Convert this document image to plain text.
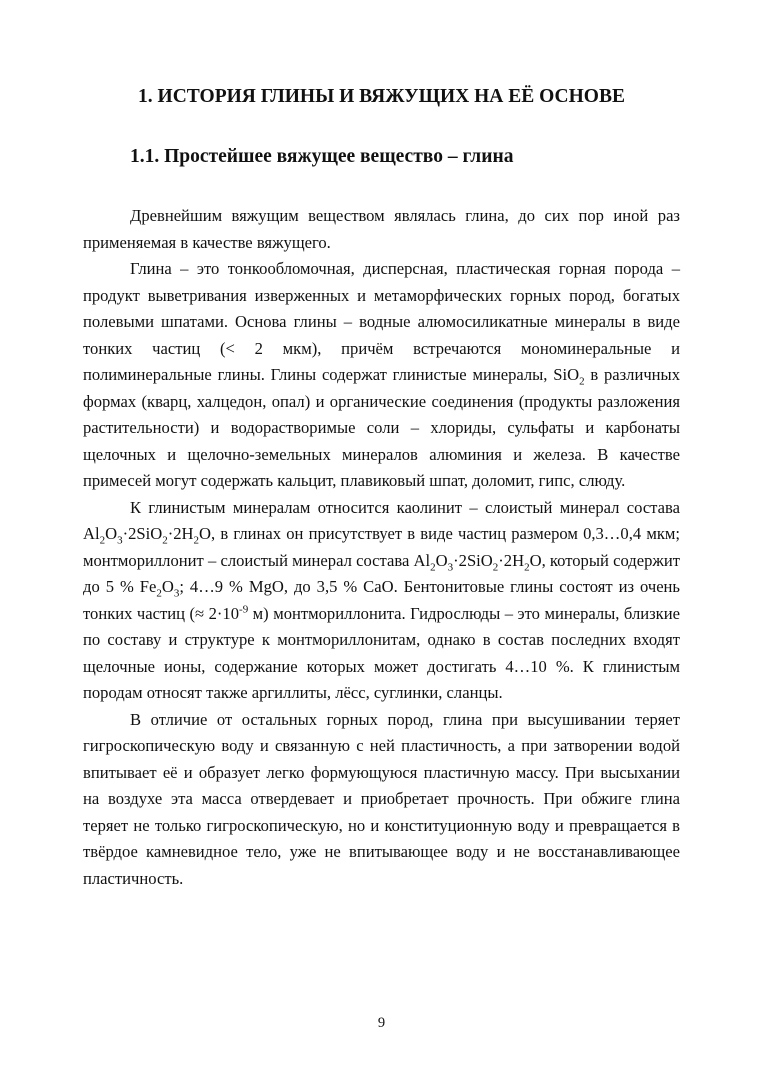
1. ИСТОРИЯ ГЛИНЫ И ВЯЖУЩИХ НА ЕЁ ОСНОВЕ
1.1. Простейшее вяжущее вещество – глина

Древнейшим вяжущим веществом являлась глина, до сих пор иной раз применяемая в качестве вяжущего.

Глина – это тонкообломочная, дисперсная, пластическая горная порода – продукт выветривания изверженных и метаморфических горных пород, богатых полевыми шпатами. Основа глины – водные алюмосиликатные минералы в виде тонких частиц (< 2 мкм), причём встречаются мономинеральные и полиминеральные глины. Глины содержат глинистые минералы, SiO$_2$ в различных формах (кварц, халцедон, опал) и органические соединения (продукты разложения растительности) и водорастворимые соли – хлориды, сульфаты и карбонаты щелочных и щелочно-земельных минералов алюминия и железа. В качестве примесей могут содержать кальцит, плавиковый шпат, доломит, гипс, слюду.

К глинистым минералам относится каолинит – слоистый минерал состава $Al_2O_3\cdot 2SiO_2\cdot 2H_2O$, в глинах он присутствует в виде частиц размером 0,3…0,4 мкм; монтмориллонит – слоистый минерал состава $Al_2O_3\cdot 2SiO_2\cdot 2H_2O$, который содержит до 5 % $Fe_2O_3$; 4…9 % MgO, до 3,5 % CaO. Бентонитовые глины состоят из очень тонких частиц (≈ $2\cdot 10^{-9}$ м) монтмориллонита. Гидрослюды – это минералы, близкие по составу и структуре к монтмориллонитам, однако в состав последних входят щелочные ионы, содержание которых может достигать 4…10 %. К глинистым породам относят также аргиллиты, лёсс, суглинки, сланцы.

В отличие от остальных горных пород, глина при высушивании теряет гигроскопическую воду и связанную с ней пластичность, а при затворении водой впитывает её и образует легко формующуюся пластичную массу. При высыхании на воздухе эта масса отвердевает и приобретает прочность. При обжиге глина теряет не только гигроскопическую, но и конституционную воду и превращается в твёрдое камневидное тело, уже не впитывающее воду и не восстанавливающее пластичность.

9
